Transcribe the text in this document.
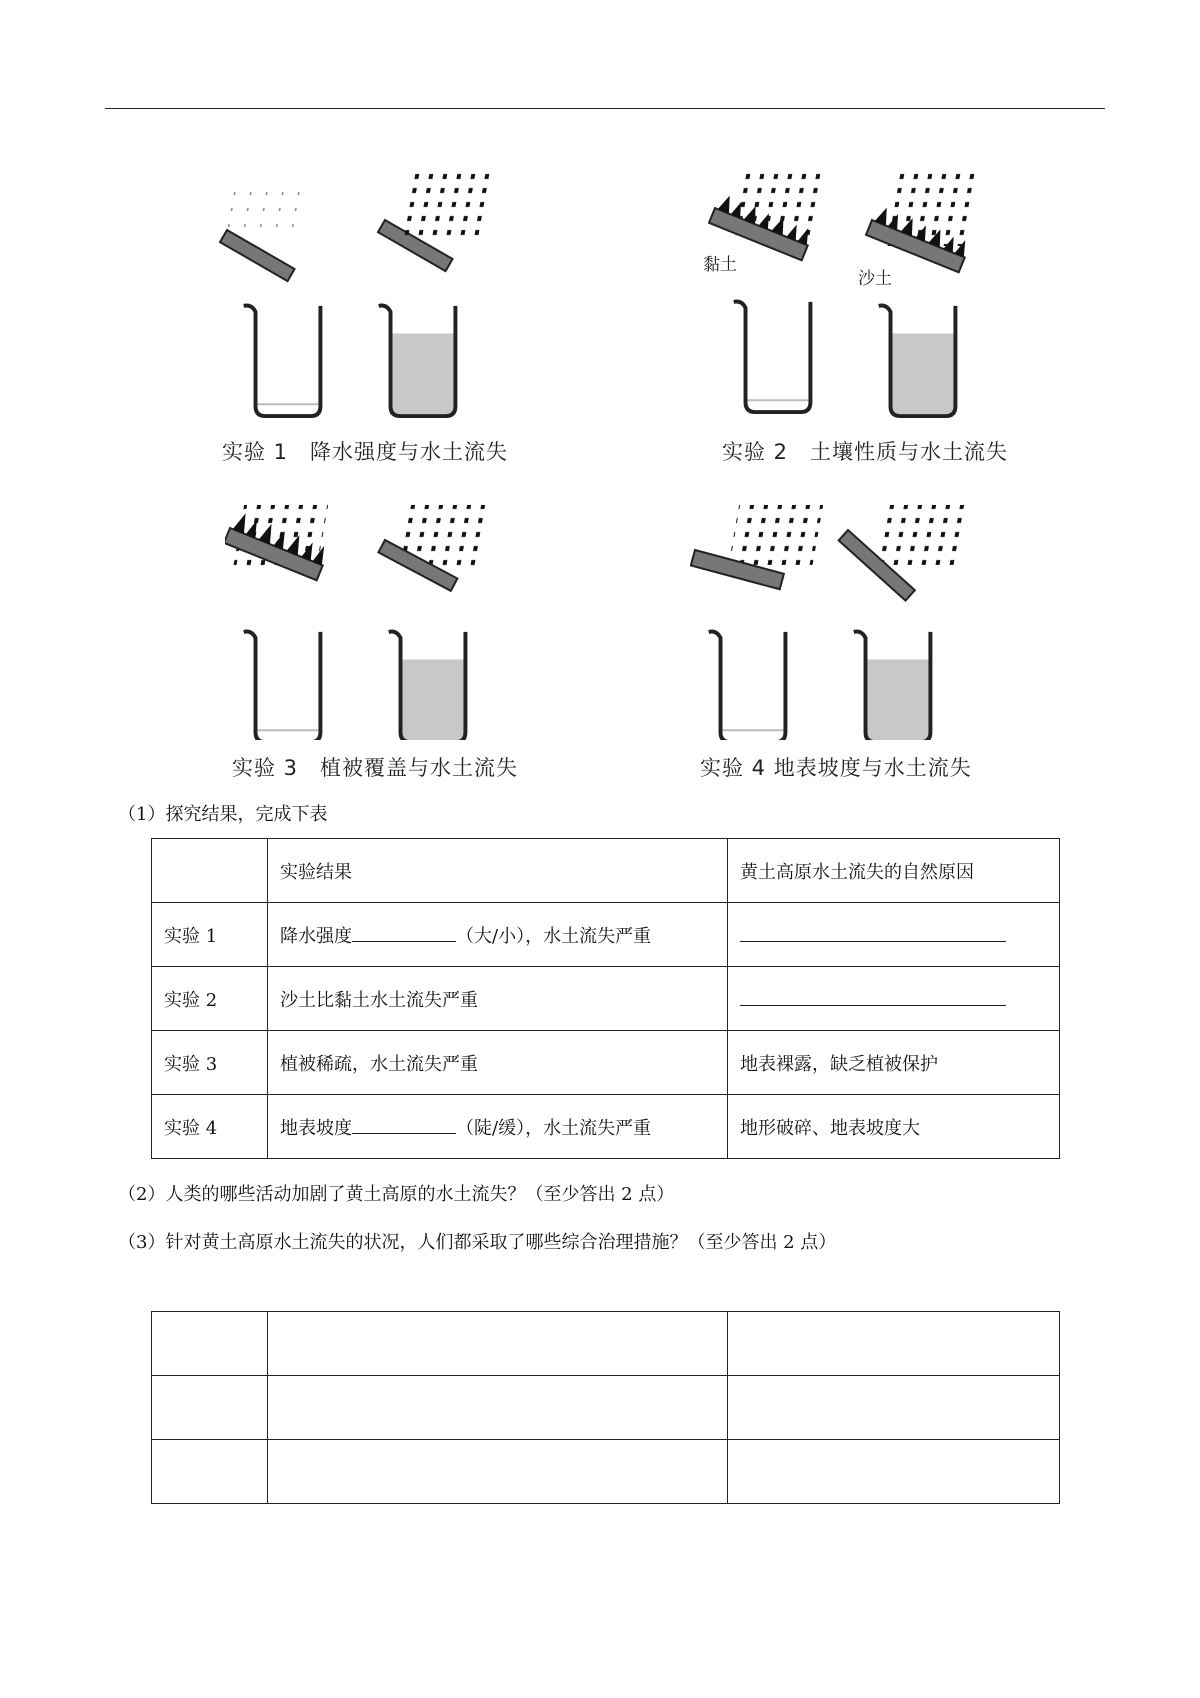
实验 1　降水强度与水土流失
黏土
沙土
实验 2　土壤性质与水土流失
实验 3　植被覆盖与水土流失	实验 4 地表坡度与水土流失
（1）探究结果，完成下表
	实验结果	黄土高原水土流失的自然原因
实验 1	降水强度 （大/小），水土流失严重	
实验 2	沙土比黏土水土流失严重	
实验 3	植被稀疏，水土流失严重	地表裸露，缺乏植被保护
实验 4	地表坡度 （陡/缓），水土流失严重	地形破碎、地表坡度大
（2）人类的哪些活动加剧了黄土高原的水土流失？（至少答出 2 点）
（3）针对黄土高原水土流失的状况，人们都采取了哪些综合治理措施？（至少答出 2 点）
